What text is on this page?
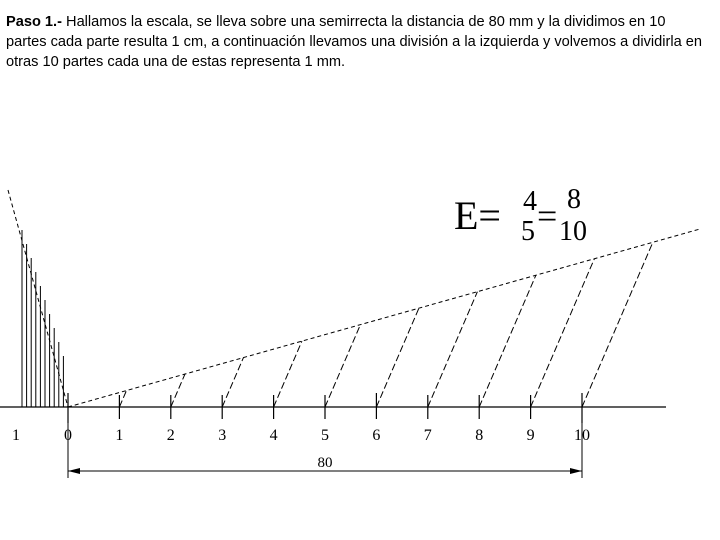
Paso 1.- Hallamos la escala, se lleva sobre una semirrecta la distancia de 80 mm y la dividimos en 10 partes cada parte resulta 1 cm, a continuación llevamos una división a la izquierda y volvemos a dividirla en otras 10 partes cada una de estas representa 1 mm.
80
0	1	2	3	4	5	6	7	8	9 10
1
E= 4
5 = 8
10
